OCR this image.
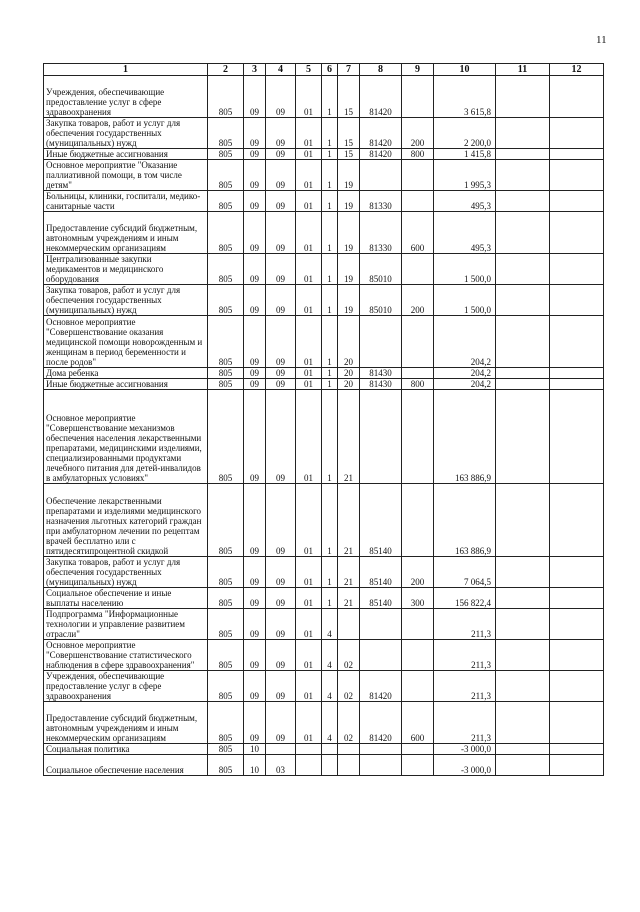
11
1	2	3	4	5	6	7	8	9	10	11	12
Учреждения, обеспечивающие предоставление услуг в сфере здравоохранения	805	09	09	01	1	15	81420		3 615,8		
Закупка товаров, работ и услуг для обеспечения государственных (муниципальных) нужд	805	09	09	01	1	15	81420	200	2 200,0		
Иные бюджетные ассигнования	805	09	09	01	1	15	81420	800	1 415,8		
Основное мероприятие "Оказание паллиативной помощи, в том числе детям"	805	09	09	01	1	19			1 995,3		
Больницы, клиники, госпитали, медико-санитарные части	805	09	09	01	1	19	81330		495,3		
Предоставление субсидий бюджетным, автономным учреждениям и иным некоммерческим организациям	805	09	09	01	1	19	81330	600	495,3		
Централизованные закупки медикаментов и медицинского оборудования	805	09	09	01	1	19	85010		1 500,0		
Закупка товаров, работ и услуг для обеспечения государственных (муниципальных) нужд	805	09	09	01	1	19	85010	200	1 500,0		
Основное мероприятие "Совершенствование оказания медицинской помощи новорожденным и женщинам в период беременности и после родов"	805	09	09	01	1	20			204,2		
Дома ребенка	805	09	09	01	1	20	81430		204,2		
Иные бюджетные ассигнования	805	09	09	01	1	20	81430	800	204,2		
Основное мероприятие "Совершенствование механизмов обеспечения населения лекарственными препаратами, медицинскими изделиями, специализированными продуктами лечебного питания для детей-инвалидов в амбулаторных условиях"	805	09	09	01	1	21			163 886,9		
Обеспечение лекарственными препаратами и изделиями медицинского назначения льготных категорий граждан при амбулаторном лечении по рецептам врачей бесплатно или с пятидесятипроцентной скидкой	805	09	09	01	1	21	85140		163 886,9		
Закупка товаров, работ и услуг для обеспечения государственных (муниципальных) нужд	805	09	09	01	1	21	85140	200	7 064,5		
Социальное обеспечение и иные выплаты населению	805	09	09	01	1	21	85140	300	156 822,4		
Подпрограмма "Информационные технологии и управление развитием отрасли"	805	09	09	01	4				211,3		
Основное мероприятие "Совершенствование статистического наблюдения в сфере здравоохранения"	805	09	09	01	4	02			211,3		
Учреждения, обеспечивающие предоставление услуг в сфере здравоохранения	805	09	09	01	4	02	81420		211,3		
Предоставление субсидий бюджетным, автономным учреждениям и иным некоммерческим организациям	805	09	09	01	4	02	81420	600	211,3		
Социальная политика	805	10							-3 000,0		
Социальное обеспечение населения	805	10	03						-3 000,0		
